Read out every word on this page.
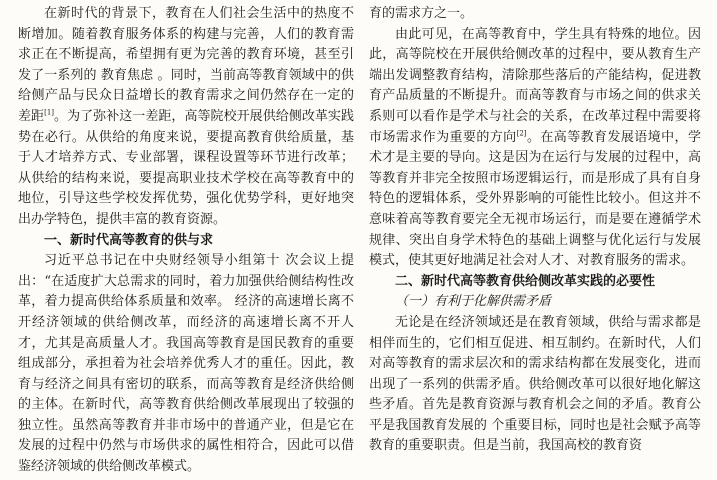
在新时代的背景下，教育在人们社会生活中的热度不断增加。随着教育服务体系的构建与完善，人们的教育需求正在不断提高，希望拥有更为完善的教育环境，甚至引发了一系列的 教育焦虑 。同时，当前高等教育领域中的供给侧产品与民众日益增长的教育需求之间仍然存在一定的差距[1]。为了弥补这一差距，高等院校开展供给侧改革实践势在必行。从供给的角度来说，要提高教育供给质量，基于人才培养方式、专业部署，课程设置等环节进行改革；从供给的结构来说，要提高职业技术学校在高等教育中的地位，引导这些学校发挥优势，强化优势学科，更好地突出办学特色，提供丰富的教育资源。

一、新时代高等教育的供与求

习近平总书记在中央财经领导小组第十 次会议上提出：“在适度扩大总需求的同时，着力加强供给侧结构性改革，着力提高供给体系质量和效率。 经济的高速增长离不开经济领域的供给侧改革，而经济的高速增长离不开人才，尤其是高质量人才。我国高等教育是国民教育的重要组成部分，承担着为社会培养优秀人才的重任。因此，教育与经济之间具有密切的联系，而高等教育是经济供给侧的主体。在新时代，高等教育供给侧改革展现出了较强的独立性。虽然高等教育并非市场中的普通产业，但是它在发展的过程中仍然与市场供求的属性相符合，因此可以借鉴经济领域的供给侧改革模式。

育的需求方之一。

由此可见，在高等教育中，学生具有特殊的地位。因此，高等院校在开展供给侧改革的过程中，要从教育生产端出发调整教育结构，清除那些落后的产能结构，促进教育产品质量的不断提升。而高等教育与市场之间的供求关系则可以看作是学术与社会的关系，在改革过程中需要将市场需求作为重要的方向[2]。在高等教育发展语境中，学术才是主要的导向。这是因为在运行与发展的过程中，高等教育并非完全按照市场逻辑运行，而是形成了具有自身特色的逻辑体系，受外界影响的可能性比较小。但这并不意味着高等教育要完全无视市场运行，而是要在遵循学术规律、突出自身学术特色的基础上调整与优化运行与发展模式，使其更好地满足社会对人才、对教育服务的需求。

二、新时代高等教育供给侧改革实践的必要性

（一）有利于化解供需矛盾

无论是在经济领域还是在教育领域，供给与需求都是相伴而生的，它们相互促进、相互制约。在新时代，人们对高等教育的需求层次和的需求结构都在发展变化，进而出现了一系列的供需矛盾。供给侧改革可以很好地化解这些矛盾。首先是教育资源与教育机会之间的矛盾。教育公平是我国教育发展的 个重要目标，同时也是社会赋予高等教育的重要职责。但是当前，我国高校的教育资
